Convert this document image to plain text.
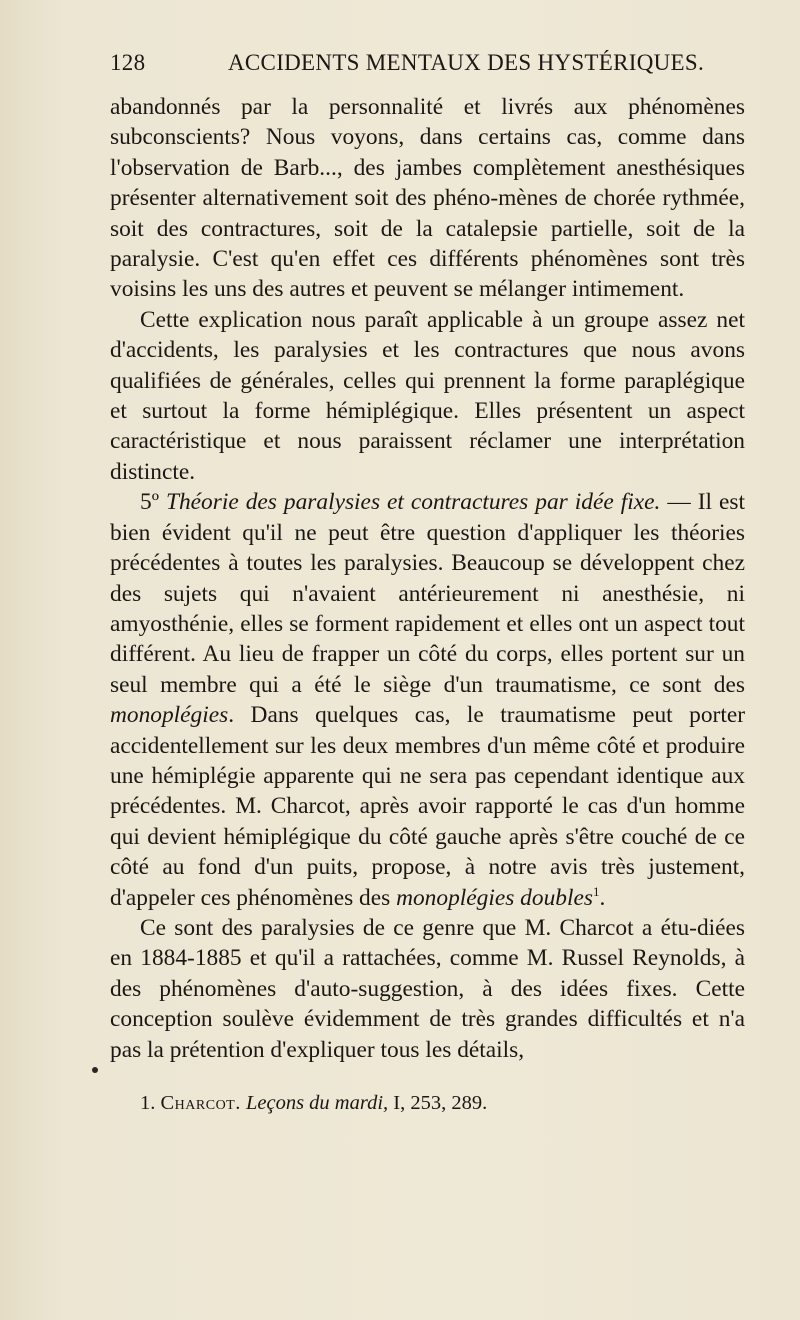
128	ACCIDENTS MENTAUX DES HYSTÉRIQUES.

abandonnés par la personnalité et livrés aux phénomènes subconscients? Nous voyons, dans certains cas, comme dans l'observation de Barb..., des jambes complètement anesthésiques présenter alternativement soit des phéno-mènes de chorée rythmée, soit des contractures, soit de la catalepsie partielle, soit de la paralysie. C'est qu'en effet ces différents phénomènes sont très voisins les uns des autres et peuvent se mélanger intimement.

Cette explication nous paraît applicable à un groupe assez net d'accidents, les paralysies et les contractures que nous avons qualifiées de générales, celles qui prennent la forme paraplégique et surtout la forme hémiplégique. Elles présentent un aspect caractéristique et nous paraissent réclamer une interprétation distincte.

5º Théorie des paralysies et contractures par idée fixe. — Il est bien évident qu'il ne peut être question d'appliquer les théories précédentes à toutes les paralysies. Beaucoup se développent chez des sujets qui n'avaient antérieurement ni anesthésie, ni amyosthénie, elles se forment rapidement et elles ont un aspect tout différent. Au lieu de frapper un côté du corps, elles portent sur un seul membre qui a été le siège d'un traumatisme, ce sont des monoplégies. Dans quelques cas, le traumatisme peut porter accidentellement sur les deux membres d'un même côté et produire une hémiplégie apparente qui ne sera pas cependant identique aux précédentes. M. Charcot, après avoir rapporté le cas d'un homme qui devient hémiplégique du côté gauche après s'être couché de ce côté au fond d'un puits, propose, à notre avis très justement, d'appeler ces phénomènes des monoplégies doubles$^1$.

Ce sont des paralysies de ce genre que M. Charcot a étu-diées en 1884-1885 et qu'il a rattachées, comme M. Russel Reynolds, à des phénomènes d'auto-suggestion, à des idées fixes. Cette conception soulève évidemment de très grandes difficultés et n'a pas la prétention d'expliquer tous les détails,

1. Charcot. Leçons du mardi, I, 253, 289.
